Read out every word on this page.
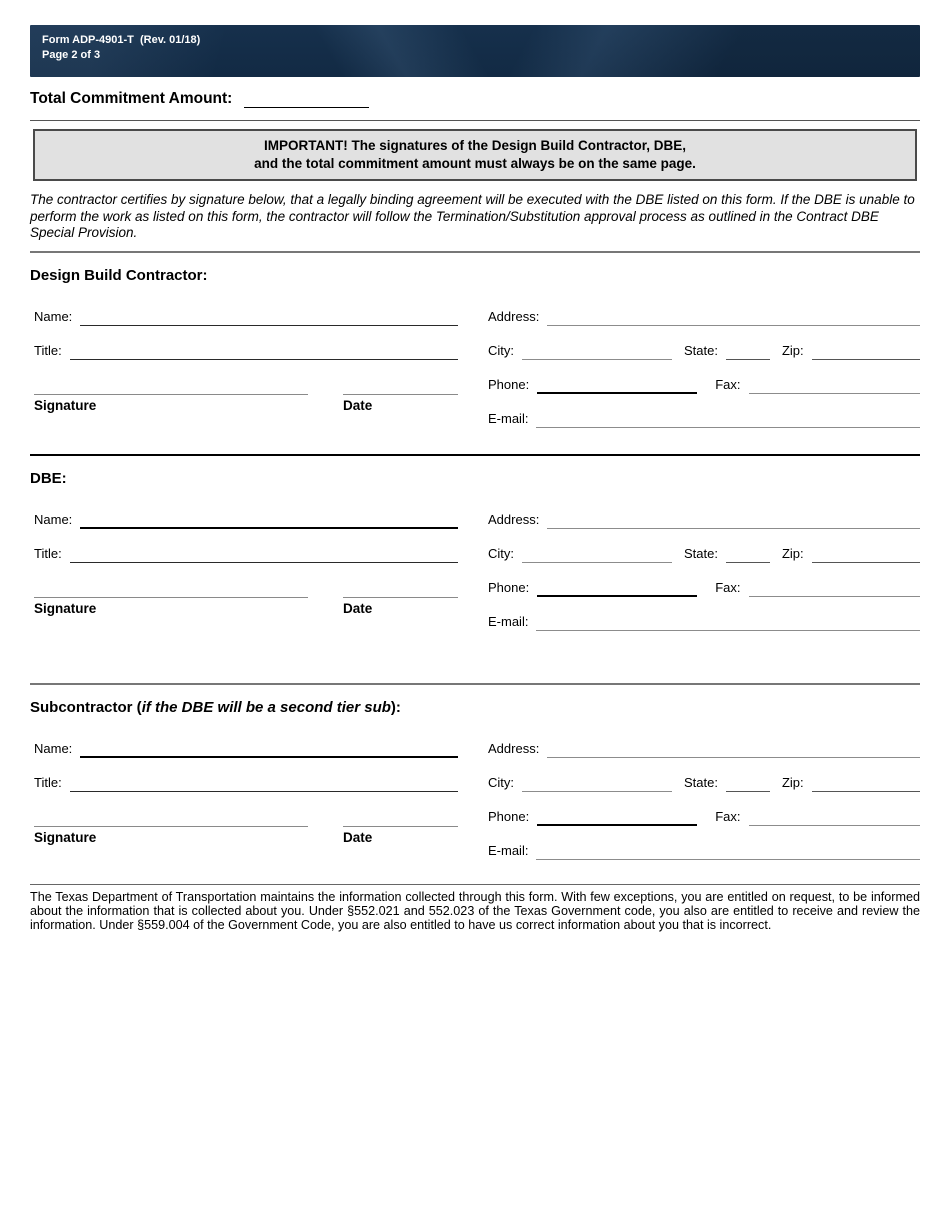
Form ADP-4901-T  (Rev. 01/18)
Page 2 of 3
Total Commitment Amount:
IMPORTANT! The signatures of the Design Build Contractor, DBE,
and the total commitment amount must always be on the same page.

The contractor certifies by signature below, that a legally binding agreement will be executed with the DBE listed on this form. If the DBE is unable to perform the work as listed on this form, the contractor will follow the Termination/Substitution approval process as outlined in the Contract DBE Special Provision.

Design Build Contractor:
Name:
Title:
Signature	Date
Address:
City:	State:	Zip:
Phone:	Fax:
E-mail:
DBE:
Name:
Title:
Signature	Date
Address:
City:	State:	Zip:
Phone:	Fax:
E-mail:
Subcontractor (if the DBE will be a second tier sub):
Name:
Title:
Signature	Date
Address:
City:	State:	Zip:
Phone:	Fax:
E-mail:

The Texas Department of Transportation maintains the information collected through this form. With few exceptions, you are entitled on request, to be informed about the information that is collected about you. Under §552.021 and 552.023 of the Texas Government code, you also are entitled to receive and review the information. Under §559.004 of the Government Code, you are also entitled to have us correct information about you that is incorrect.
